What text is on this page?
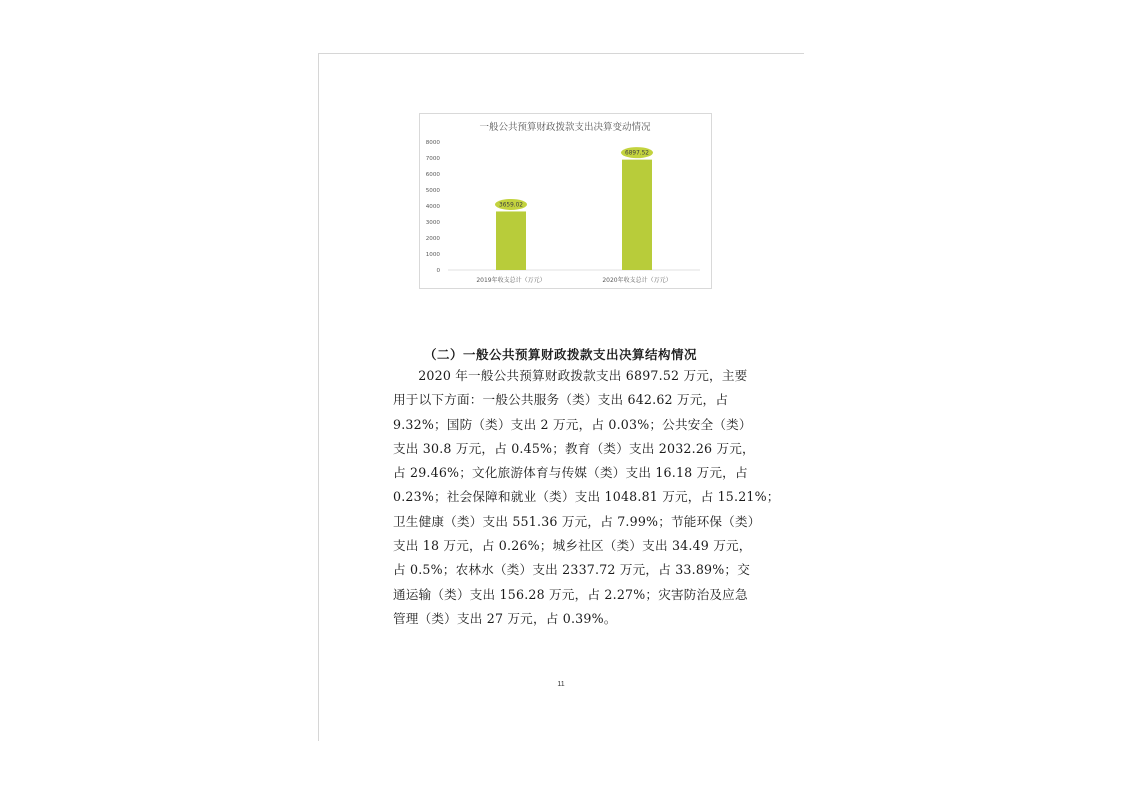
一般公共预算财政拨款支出决算变动情况
0
1000
2000
3000
4000
5000
6000
7000
8000
3659.02
6897.52
2019年收支总计（万元）	2020年收支总计（万元）
（二）一般公共预算财政拨款支出决算结构情况
2020 年一般公共预算财政拨款支出 6897.52 万元，主要
用于以下方面：一般公共服务（类）支出 642.62 万元，占
9.32%；国防（类）支出 2 万元，占 0.03%；公共安全（类）
支出 30.8 万元，占 0.45%；教育（类）支出 2032.26 万元，
占 29.46%；文化旅游体育与传媒（类）支出 16.18 万元，占
0.23%；社会保障和就业（类）支出 1048.81 万元，占 15.21%；
卫生健康（类）支出 551.36 万元，占 7.99%；节能环保（类）
支出 18 万元，占 0.26%；城乡社区（类）支出 34.49 万元，
占 0.5%；农林水（类）支出 2337.72 万元，占 33.89%；交
通运输（类）支出 156.28 万元，占 2.27%；灾害防治及应急
管理（类）支出 27 万元，占 0.39%。
11
